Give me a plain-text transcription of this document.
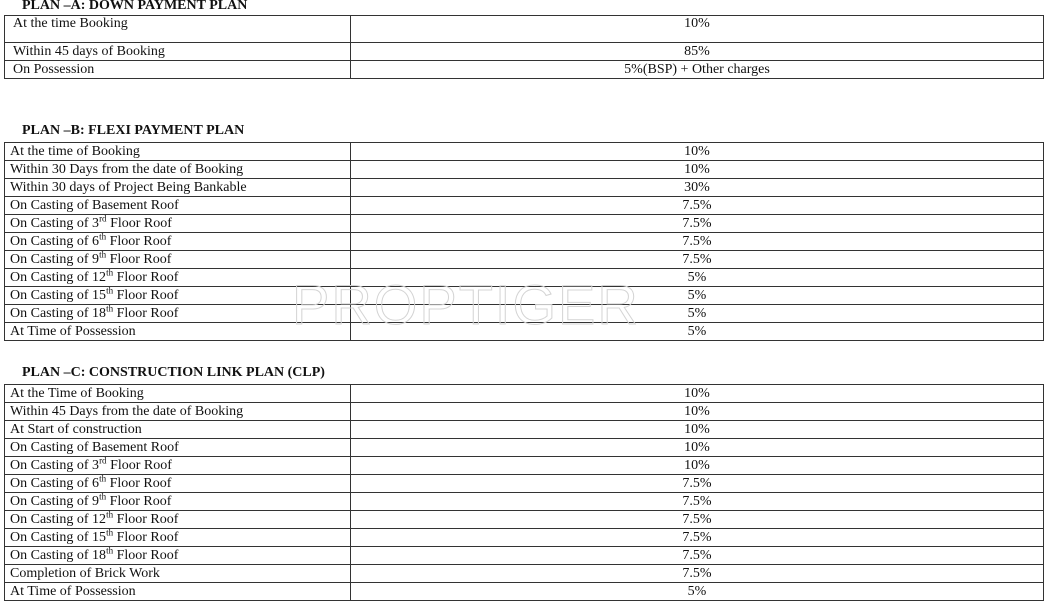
PLAN –A: DOWN PAYMENT PLAN
At the time Booking	10%
Within 45 days of Booking	85%
On Possession	5%(BSP) + Other charges
PLAN –B: FLEXI PAYMENT PLAN
At the time of Booking	10%
Within 30 Days from the date of Booking	10%
Within 30 days of Project Being Bankable	30%
On Casting of Basement Roof	7.5%
On Casting of 3rd Floor Roof	7.5%
On Casting of 6th Floor Roof	7.5%
On Casting of 9th Floor Roof	7.5%
On Casting of 12th Floor Roof	5%
On Casting of 15th Floor Roof	5%
On Casting of 18th Floor Roof	5%
At Time of Possession	5%
PLAN –C: CONSTRUCTION LINK PLAN (CLP)
At the Time of Booking	10%
Within 45 Days from the date of Booking	10%
At Start of construction	10%
On Casting of Basement Roof	10%
On Casting of 3rd Floor Roof	10%
On Casting of 6th Floor Roof	7.5%
On Casting of 9th Floor Roof	7.5%
On Casting of 12th Floor Roof	7.5%
On Casting of 15th Floor Roof	7.5%
On Casting of 18th Floor Roof	7.5%
Completion of Brick Work	7.5%
At Time of Possession	5%
PROPTIGER
